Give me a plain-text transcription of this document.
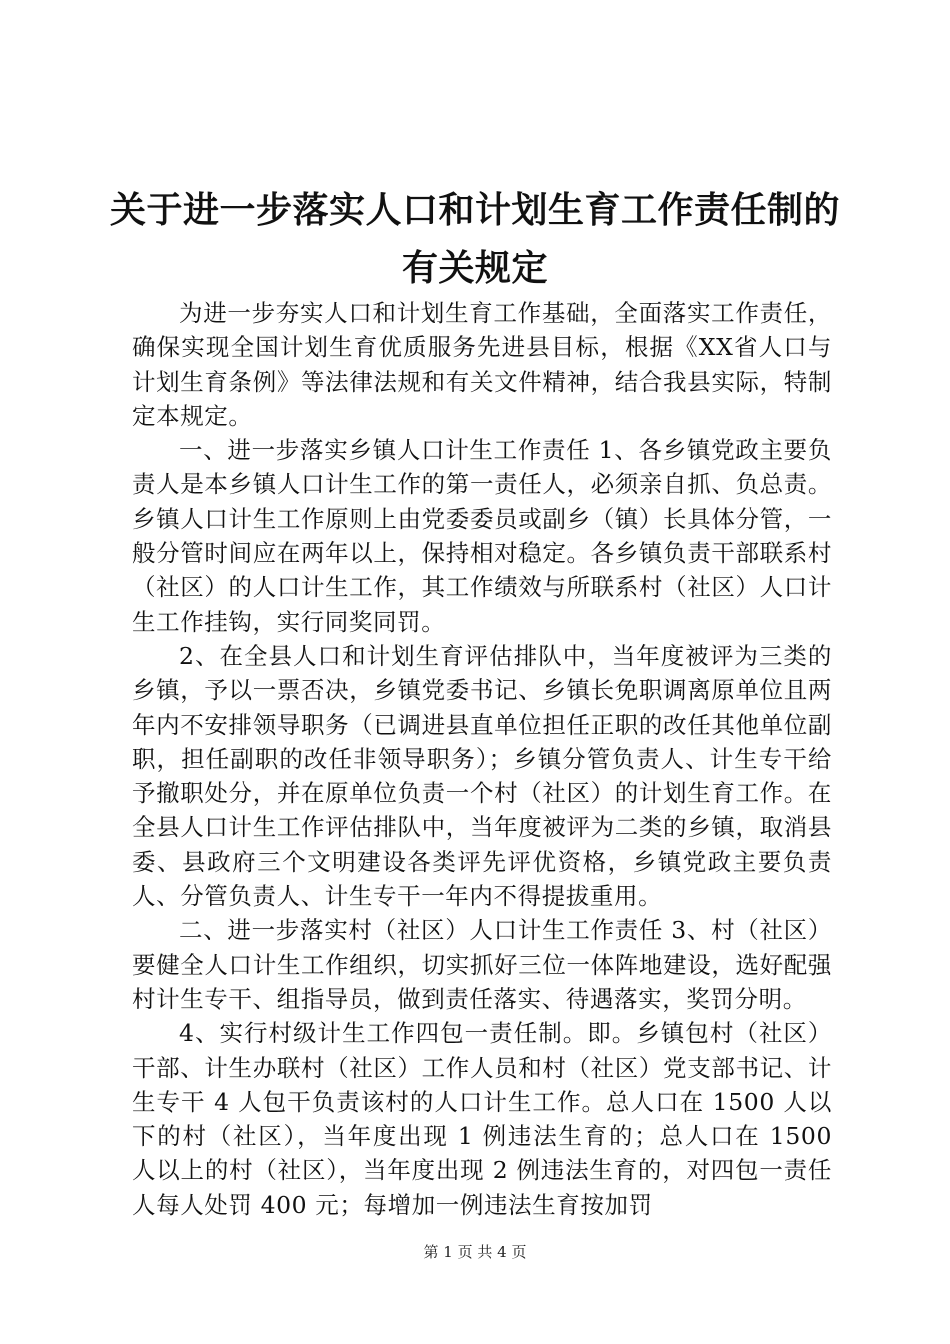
关于进一步落实人口和计划生育工作责任制的
有关规定

为进一步夯实人口和计划生育工作基础，全面落实工作责任，确保实现全国计划生育优质服务先进县目标，根据《XX省人口与计划生育条例》等法律法规和有关文件精神，结合我县实际，特制定本规定。

一、进一步落实乡镇人口计生工作责任 1、各乡镇党政主要负责人是本乡镇人口计生工作的第一责任人，必须亲自抓、负总责。乡镇人口计生工作原则上由党委委员或副乡（镇）长具体分管，一般分管时间应在两年以上，保持相对稳定。各乡镇负责干部联系村（社区）的人口计生工作，其工作绩效与所联系村（社区）人口计生工作挂钩，实行同奖同罚。

2、在全县人口和计划生育评估排队中，当年度被评为三类的乡镇，予以一票否决，乡镇党委书记、乡镇长免职调离原单位且两年内不安排领导职务（已调进县直单位担任正职的改任其他单位副职，担任副职的改任非领导职务）；乡镇分管负责人、计生专干给予撤职处分，并在原单位负责一个村（社区）的计划生育工作。在全县人口计生工作评估排队中，当年度被评为二类的乡镇，取消县委、县政府三个文明建设各类评先评优资格，乡镇党政主要负责人、分管负责人、计生专干一年内不得提拔重用。

二、进一步落实村（社区）人口计生工作责任 3、村（社区）要健全人口计生工作组织，切实抓好三位一体阵地建设，选好配强村计生专干、组指导员，做到责任落实、待遇落实，奖罚分明。

4、实行村级计生工作四包一责任制。即。乡镇包村（社区）干部、计生办联村（社区）工作人员和村（社区）党支部书记、计生专干 4 人包干负责该村的人口计生工作。总人口在 1500 人以下的村（社区），当年度出现 1 例违法生育的；总人口在 1500 人以上的村（社区），当年度出现 2 例违法生育的，对四包一责任人每人处罚 400 元；每增加一例违法生育按加罚

第 1 页 共 4 页
